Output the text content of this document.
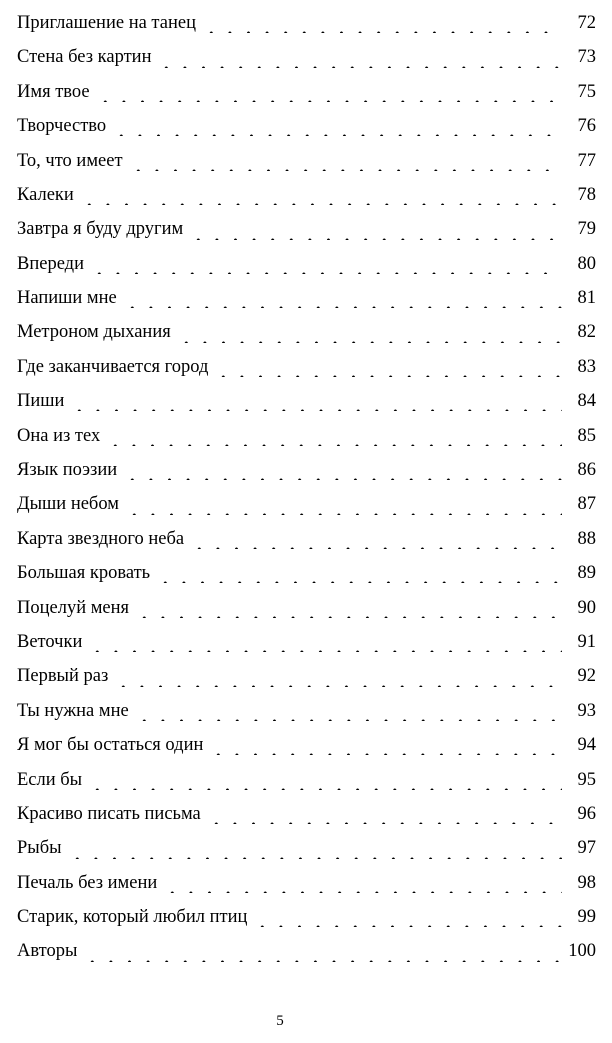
Приглашение на танец	72
Стена без картин	73
Имя твое	75
Творчество	76
То, что имеет	77
Калеки	78
Завтра я буду другим	79
Впереди	80
Напиши мне	81
Метроном дыхания	82
Где заканчивается город	83
Пиши	84
Она из тех	85
Язык поэзии	86
Дыши небом	87
Карта звездного неба	88
Большая кровать	89
Поцелуй меня	90
Веточки	91
Первый раз	92
Ты нужна мне	93
Я мог бы остаться один	94
Если бы	95
Красиво писать письма	96
Рыбы	97
Печаль без имени	98
Старик, который любил птиц	99
Авторы	100
5
